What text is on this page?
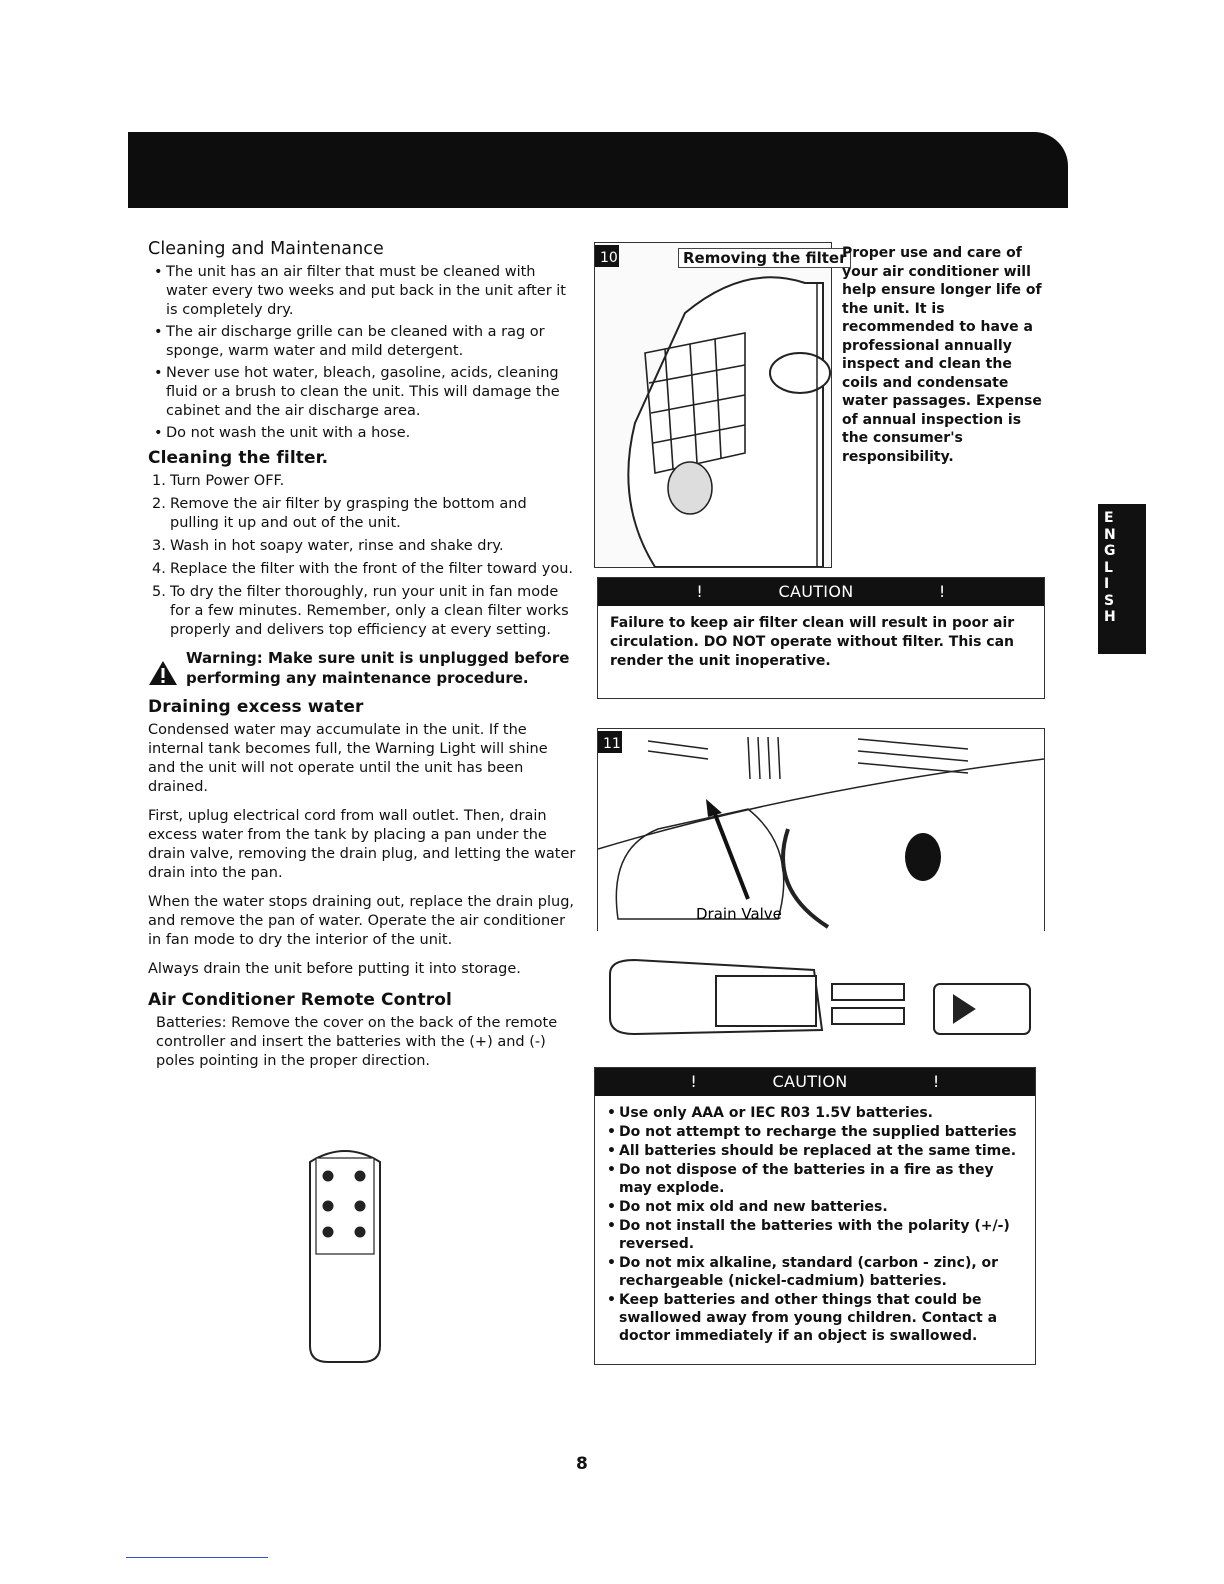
Cleaning and Maintenance
• The unit has an air filter that must be cleaned with water every two weeks and put back in the unit after it is completely dry.
• The air discharge grille can be cleaned with a rag or sponge, warm water and mild detergent.
• Never use hot water, bleach, gasoline, acids, cleaning fluid or a brush to clean the unit. This will damage the cabinet and the air discharge area.
• Do not wash the unit with a hose.
Cleaning the filter.
1. Turn Power OFF.
2. Remove the air filter by grasping the bottom and pulling it up and out of the unit.
3. Wash in hot soapy water, rinse and shake dry.
4. Replace the filter with the front of the filter toward you.
5. To dry the filter thoroughly, run your unit in fan mode for a few minutes. Remember, only a clean filter works properly and delivers top efficiency at every setting.
Warning: Make sure unit is unplugged before performing any maintenance procedure.
Draining excess water

Condensed water may accumulate in the unit. If the internal tank becomes full, the Warning Light will shine and the unit will not operate until the unit has been drained.

First, uplug electrical cord from wall outlet. Then, drain excess water from the tank by placing a pan under the drain valve, removing the drain plug, and letting the water drain into the pan.

When the water stops draining out, replace the drain plug, and remove the pan of water. Operate the air conditioner in fan mode to dry the interior of the unit.

Always drain the unit before putting it into storage.

Air Conditioner Remote Control

Batteries: Remove the cover on the back of the remote controller and insert the batteries with the (+) and (-) poles pointing in the proper direction.

10	Removing the filter
Proper use and care of your air conditioner will help ensure longer life of the unit. It is recommended to have a professional annually inspect and clean the coils and condensate water passages. Expense of annual inspection is the consumer's responsibility.
!	CAUTION	!
Failure to keep air filter clean will result in poor air circulation. DO NOT operate without filter. This can render the unit inoperative.
11
Drain Valve
!	CAUTION	!
• Use only AAA or IEC R03 1.5V batteries.
• Do not attempt to recharge the supplied batteries
• All batteries should be replaced at the same time.
• Do not dispose of the batteries in a fire as they may explode.
• Do not mix old and new batteries.
• Do not install the batteries with the polarity (+/-) reversed.
• Do not mix alkaline, standard (carbon - zinc), or rechargeable (nickel-cadmium) batteries.
• Keep batteries and other things that could be swallowed away from young children. Contact a doctor immediately if an object is swallowed.
E
N
G
L
I
S
H
8
